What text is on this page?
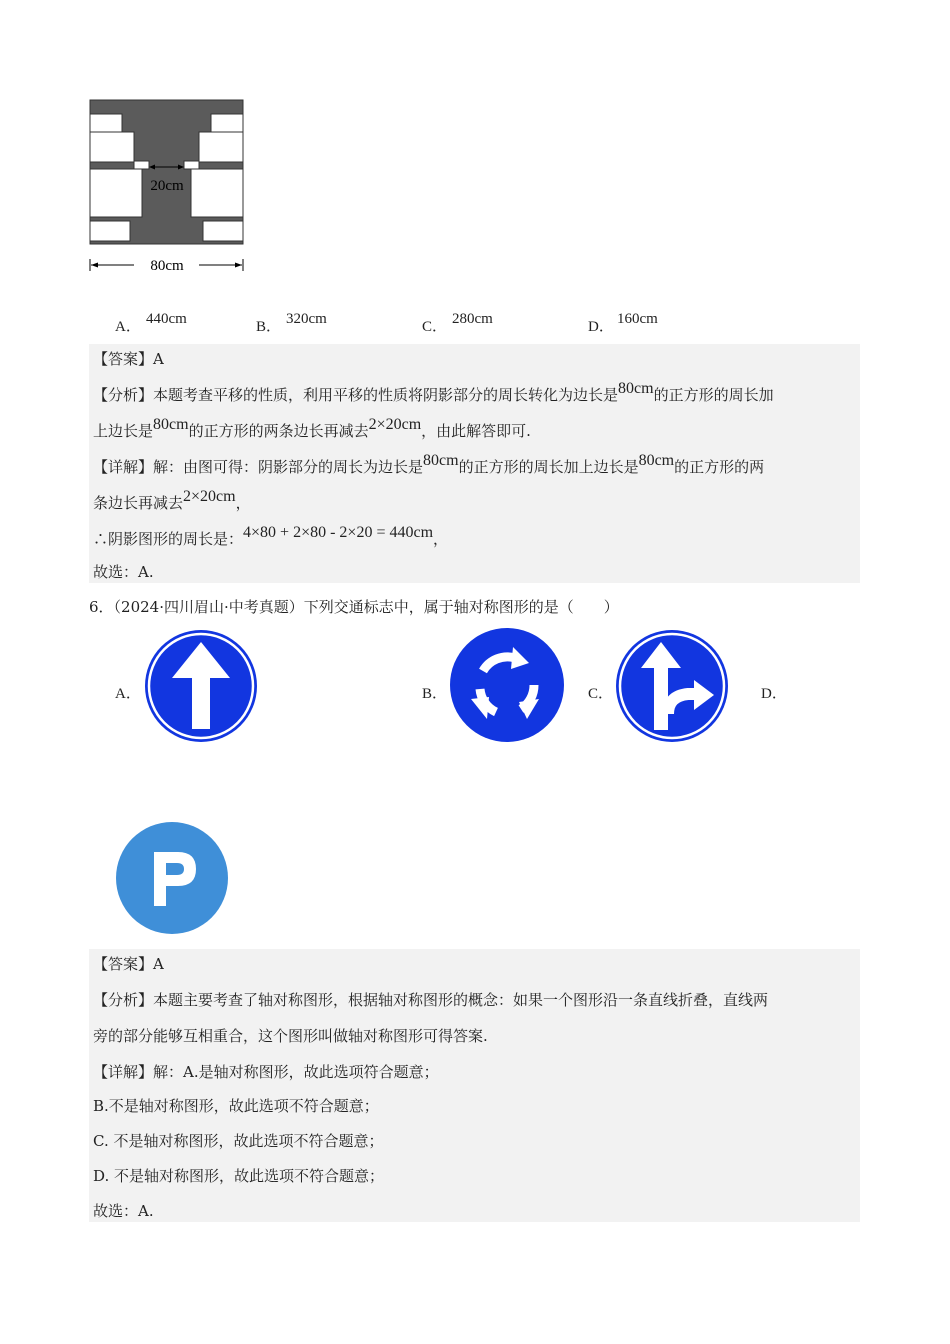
20cm
80cm
A． 440cm	B． 320cm	C． 280cm	D． 160cm
【答案】A
【分析】本题考查平移的性质，利用平移的性质将阴影部分的周长转化为边长是80cm的正方形的周长加
上边长是80cm的正方形的两条边长再减去2×20cm，由此解答即可.
【详解】解：由图可得：阴影部分的周长为边长是80cm的正方形的周长加上边长是80cm的正方形的两
条边长再减去2×20cm，
∴阴影图形的周长是：4×80 + 2×80 - 2×20 = 440cm，
故选：A.
6．（2024·四川眉山·中考真题）下列交通标志中，属于轴对称图形的是（　　）
A．	B．	C．	D．
【答案】A
【分析】本题主要考查了轴对称图形，根据轴对称图形的概念：如果一个图形沿一条直线折叠，直线两
旁的部分能够互相重合，这个图形叫做轴对称图形可得答案.
【详解】解：A.是轴对称图形，故此选项符合题意；
B.不是轴对称图形，故此选项不符合题意；
C. 不是轴对称图形，故此选项不符合题意；
D. 不是轴对称图形，故此选项不符合题意；
故选：A.
